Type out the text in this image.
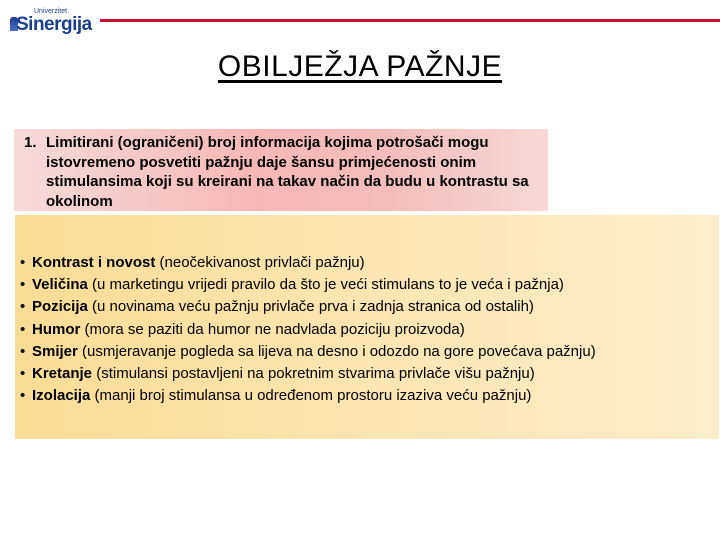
Univerzitet
Sinergija
OBILJEŽJA PAŽNJE
1. Limitirani (ograničeni) broj informacija kojima potrošači mogu istovremeno posvetiti pažnju daje šansu primjećenosti onim stimulansima koji su kreirani na takav način da budu u kontrastu sa okolinom
• Kontrast i novost (neočekivanost privlači pažnju)
• Veličina (u marketingu vrijedi pravilo da što je veći stimulans to je veća i pažnja)
• Pozicija (u novinama veću pažnju privlače prva i zadnja stranica od ostalih)
• Humor (mora se paziti da humor ne nadvlada poziciju proizvoda)
• Smijer (usmjeravanje pogleda sa lijeva na desno i odozdo na gore povećava pažnju)
• Kretanje (stimulansi postavljeni na pokretnim stvarima privlače višu pažnju)
• Izolacija (manji broj stimulansa u određenom prostoru izaziva veću pažnju)
